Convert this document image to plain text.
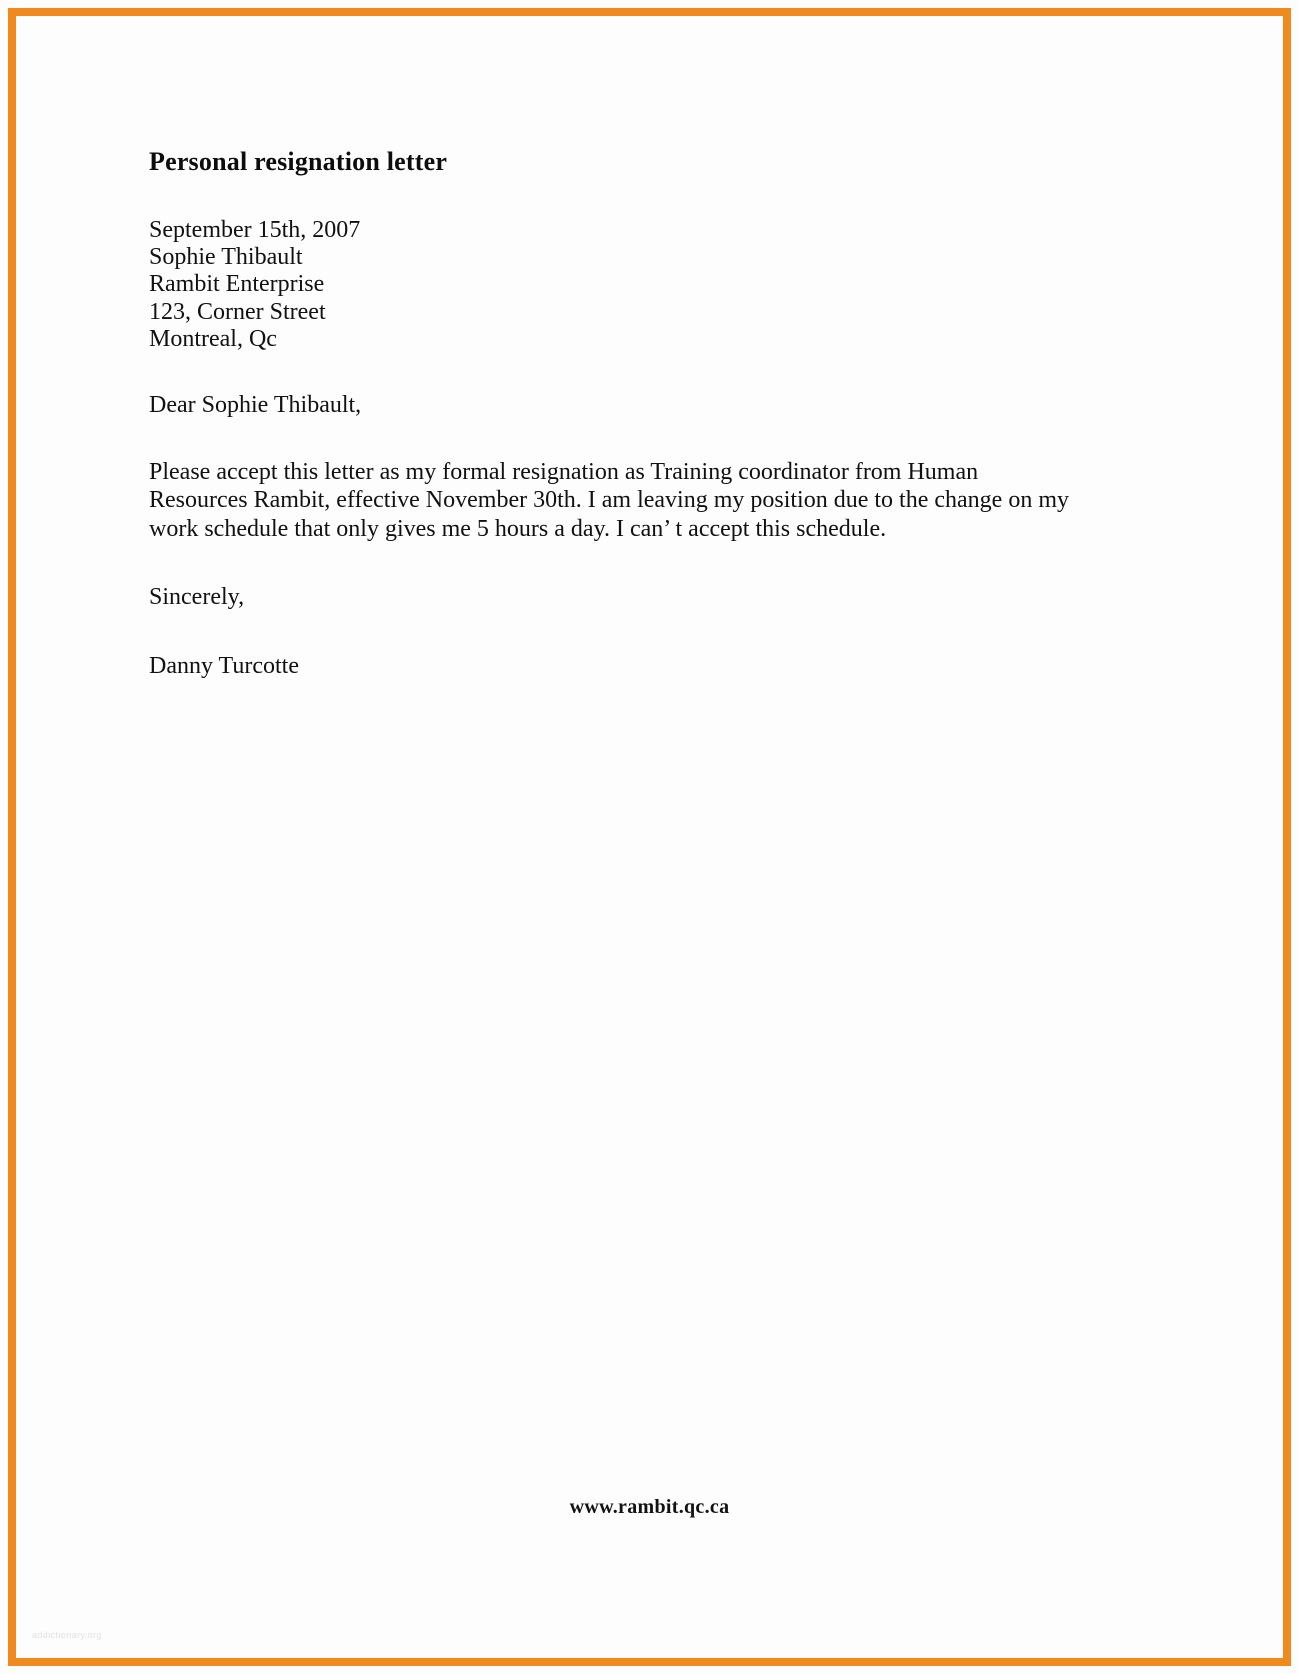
Personal resignation letter
September 15th, 2007
Sophie Thibault
Rambit Enterprise
123, Corner Street
Montreal, Qc

Dear Sophie Thibault,

Please accept this letter as my formal resignation as Training coordinator from Human Resources Rambit, effective November 30th. I am leaving my position due to the change on my work schedule that only gives me 5 hours a day. I can’ t accept this schedule.

Sincerely,

Danny Turcotte

www.rambit.qc.ca
addictionary.org
